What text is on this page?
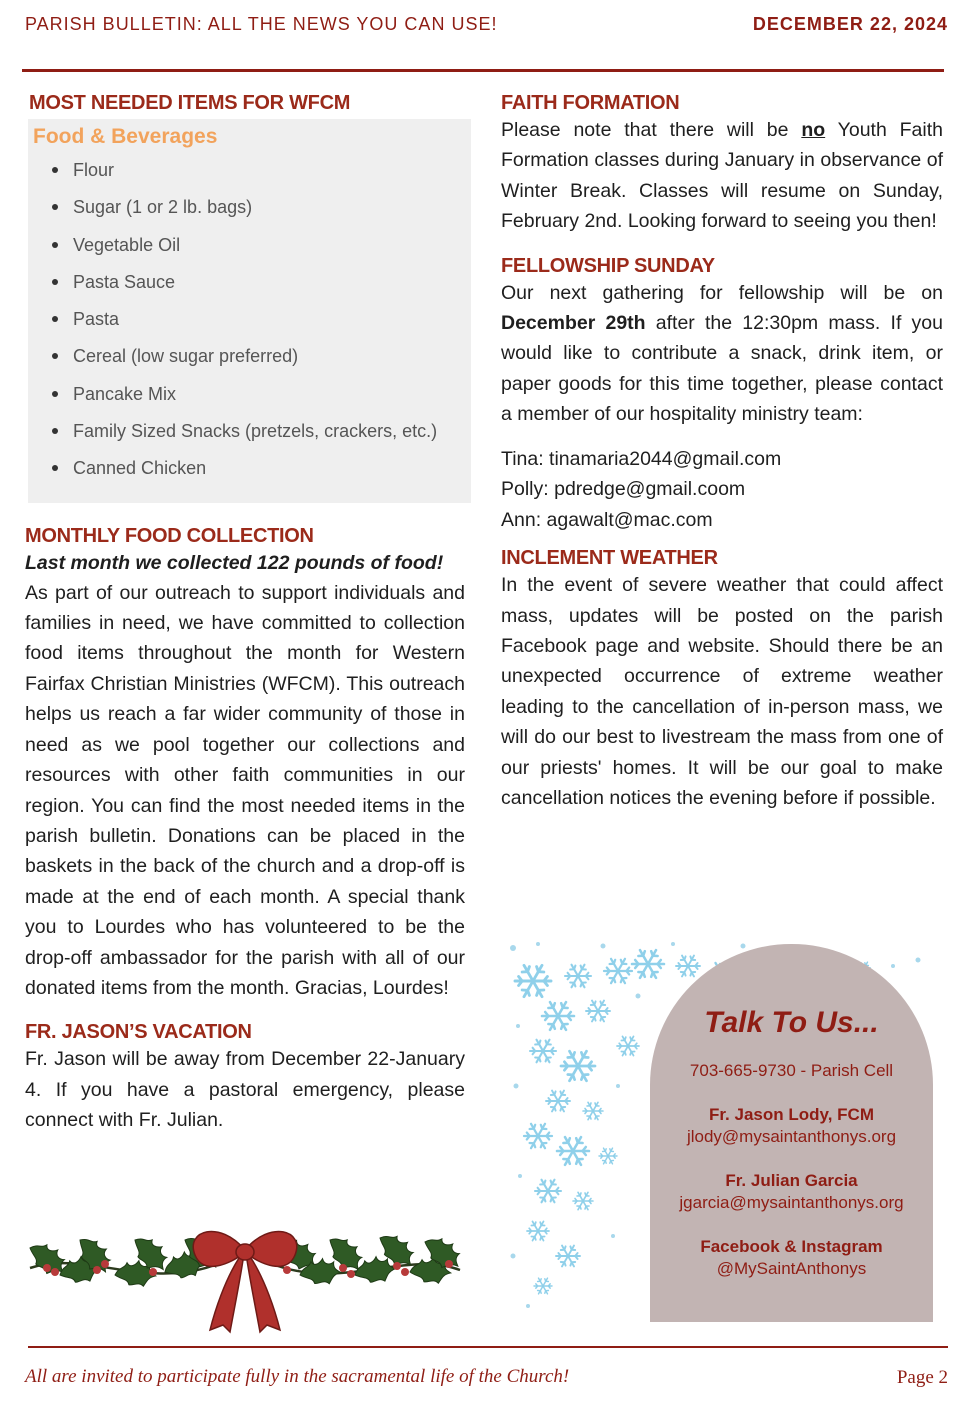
PARISH BULLETIN: ALL THE NEWS YOU CAN USE!	DECEMBER 22, 2024
MOST NEEDED ITEMS FOR WFCM
Food & Beverages
Flour
Sugar (1 or 2 lb. bags)
Vegetable Oil
Pasta Sauce
Pasta
Cereal (low sugar preferred)
Pancake Mix
Family Sized Snacks (pretzels, crackers, etc.)
Canned Chicken
MONTHLY FOOD COLLECTION
Last month we collected 122 pounds of food!

As part of our outreach to support individuals and families in need, we have committed to collection food items throughout the month for Western Fairfax Christian Ministries (WFCM). This outreach helps us reach a far wider community of those in need as we pool together our collections and resources with other faith communities in our region. You can find the most needed items in the parish bulletin. Donations can be placed in the baskets in the back of the church and a drop-off is made at the end of each month. A special thank you to Lourdes who has volunteered to be the drop-off ambassador for the parish with all of our donated items from the month. Gracias, Lourdes!

FR. JASON’S VACATION

Fr. Jason will be away from December 22-January 4. If you have a pastoral emergency, please connect with Fr. Julian.

FAITH FORMATION

Please note that there will be no Youth Faith Formation classes during January in observance of Winter Break. Classes will resume on Sunday, February 2nd. Looking forward to seeing you then!

FELLOWSHIP SUNDAY

Our next gathering for fellowship will be on December 29th after the 12:30pm mass. If you would like to contribute a snack, drink item, or paper goods for this time together, please contact a member of our hospitality ministry team:

Tina: tinamaria2044@gmail.com
Polly: pdredge@gmail.coom
Ann: agawalt@mac.com
INCLEMENT WEATHER

In the event of severe weather that could affect mass, updates will be posted on the parish Facebook page and website. Should there be an unexpected occurrence of extreme weather leading to the cancellation of in-person mass, we will do our best to livestream the mass from one of our priests' homes. It will be our goal to make cancellation notices the evening before if possible.

Talk To Us...
703-665-9730 - Parish Cell
Fr. Jason Lody, FCM
jlody@mysaintanthonys.org
Fr. Julian Garcia
jgarcia@mysaintanthonys.org
Facebook & Instagram
@MySaintAnthonys
All are invited to participate fully in the sacramental life of the Church!	Page 2
